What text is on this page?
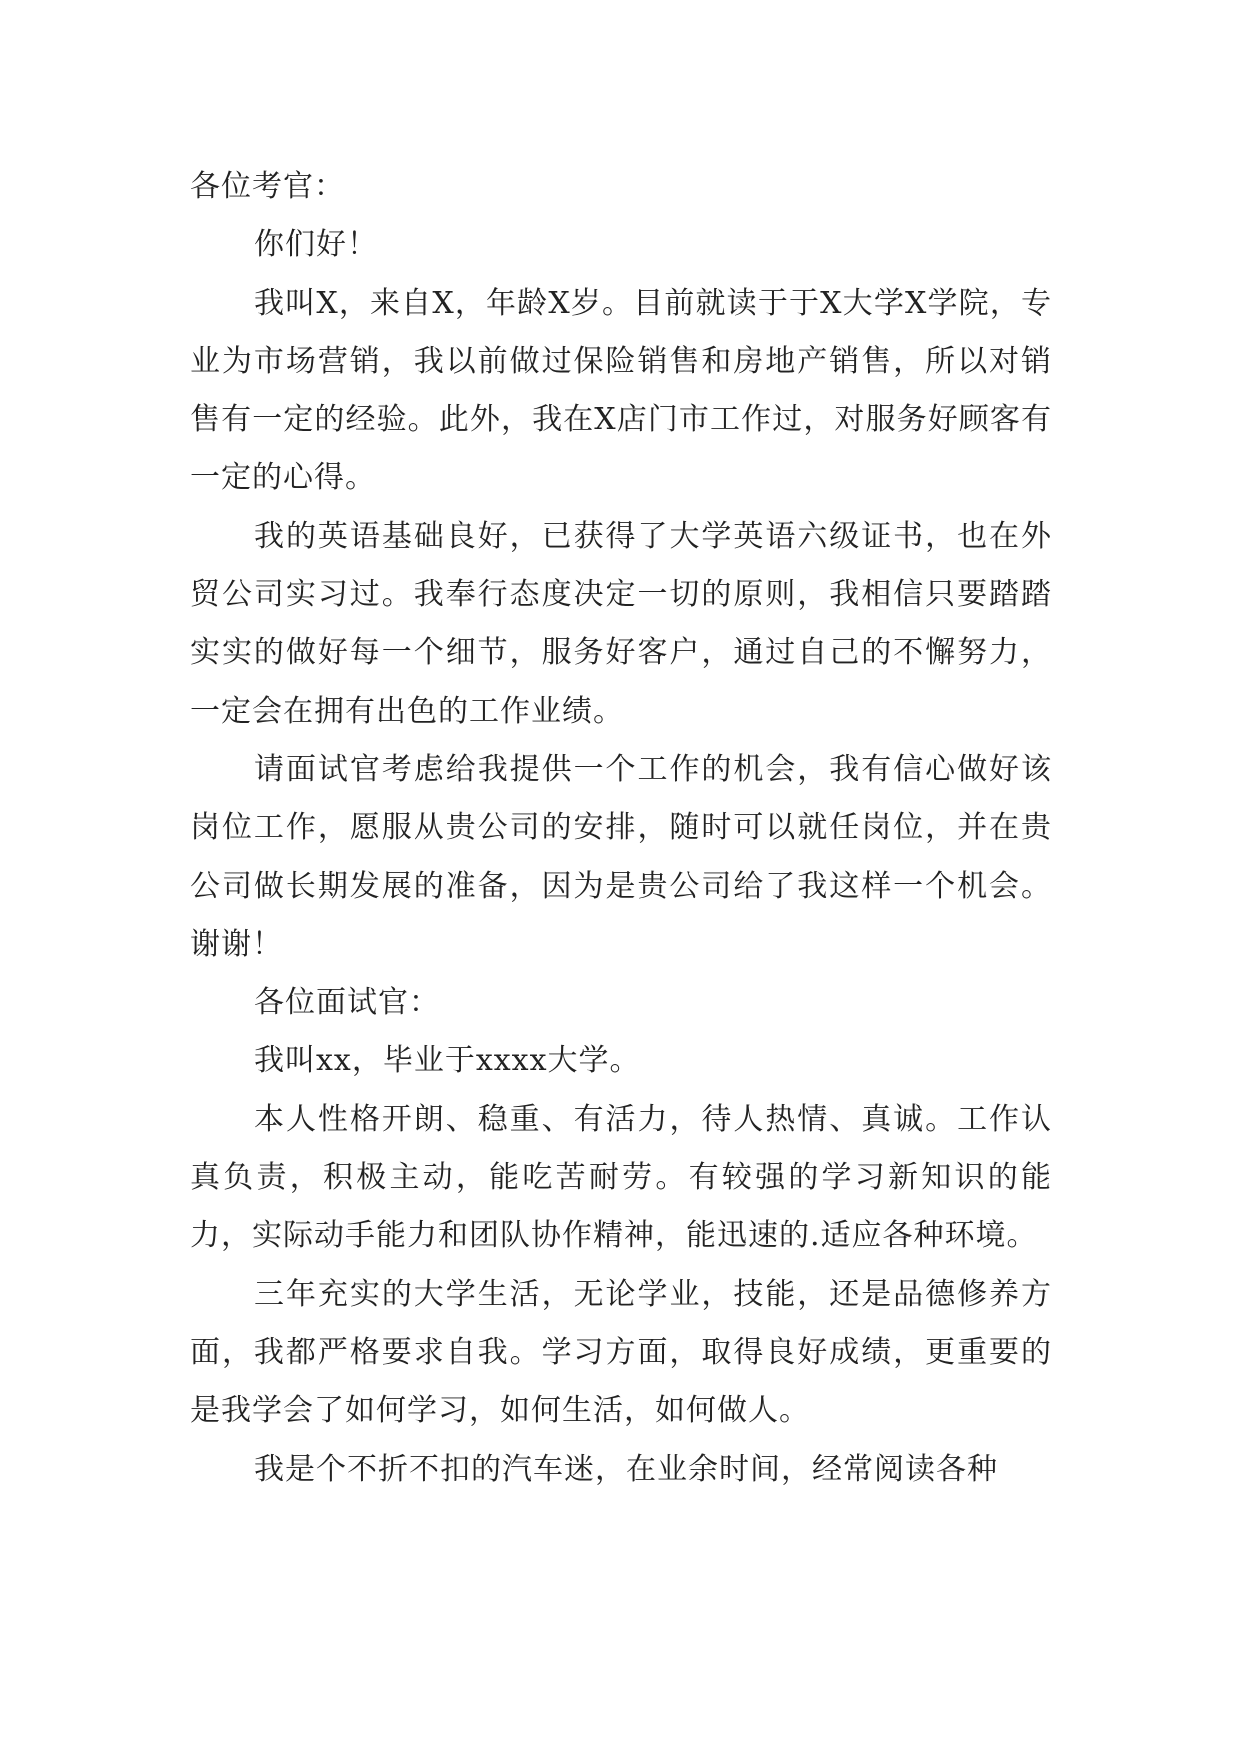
各位考官：

你们好！

我叫X，来自X，年龄X岁。目前就读于于X大学X学院，专业为市场营销，我以前做过保险销售和房地产销售，所以对销售有一定的经验。此外，我在X店门市工作过，对服务好顾客有一定的心得。

我的英语基础良好，已获得了大学英语六级证书，也在外贸公司实习过。我奉行态度决定一切的原则，我相信只要踏踏实实的做好每一个细节，服务好客户，通过自己的不懈努力，一定会在拥有出色的工作业绩。

请面试官考虑给我提供一个工作的机会，我有信心做好该岗位工作，愿服从贵公司的安排，随时可以就任岗位，并在贵公司做长期发展的准备，因为是贵公司给了我这样一个机会。谢谢！

各位面试官：

我叫xx，毕业于xxxx大学。

本人性格开朗、稳重、有活力，待人热情、真诚。工作认真负责，积极主动，能吃苦耐劳。有较强的学习新知识的能力，实际动手能力和团队协作精神，能迅速的.适应各种环境。

三年充实的大学生活，无论学业，技能，还是品德修养方面，我都严格要求自我。学习方面，取得良好成绩，更重要的是我学会了如何学习，如何生活，如何做人。

我是个不折不扣的汽车迷，在业余时间，经常阅读各种
